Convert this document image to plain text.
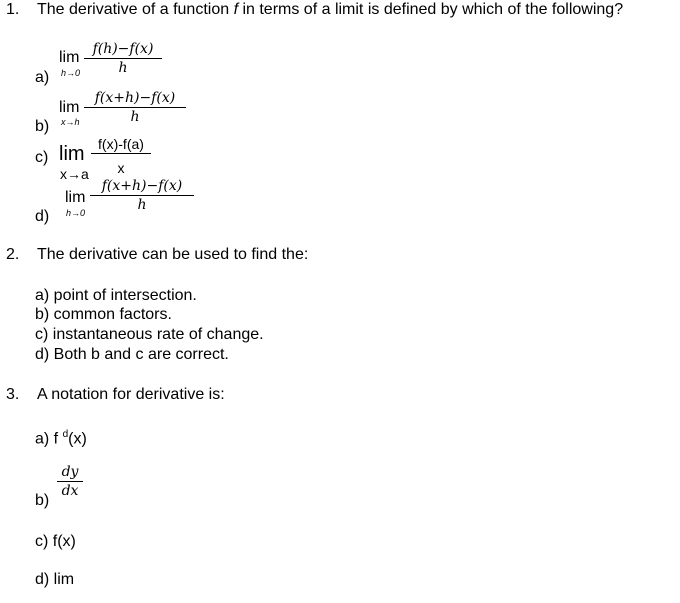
1. The derivative of a function f in terms of a limit is defined by which of the following?
a)
lim
h→0
f(h)−f(x)
h
b)
lim
x→h
f(x+h)−f(x)
h
c) lim
x→a
f(x)-f(a)
x
d)
lim
h→0
f(x+h)−f(x)
h
2. The derivative can be used to find the:
a) point of intersection.
b) common factors.
c) instantaneous rate of change.
d) Both b and c are correct.
3. A notation for derivative is:
a) f $^d$(x)
b)
dy
dx
c) f(x)
d) lim
